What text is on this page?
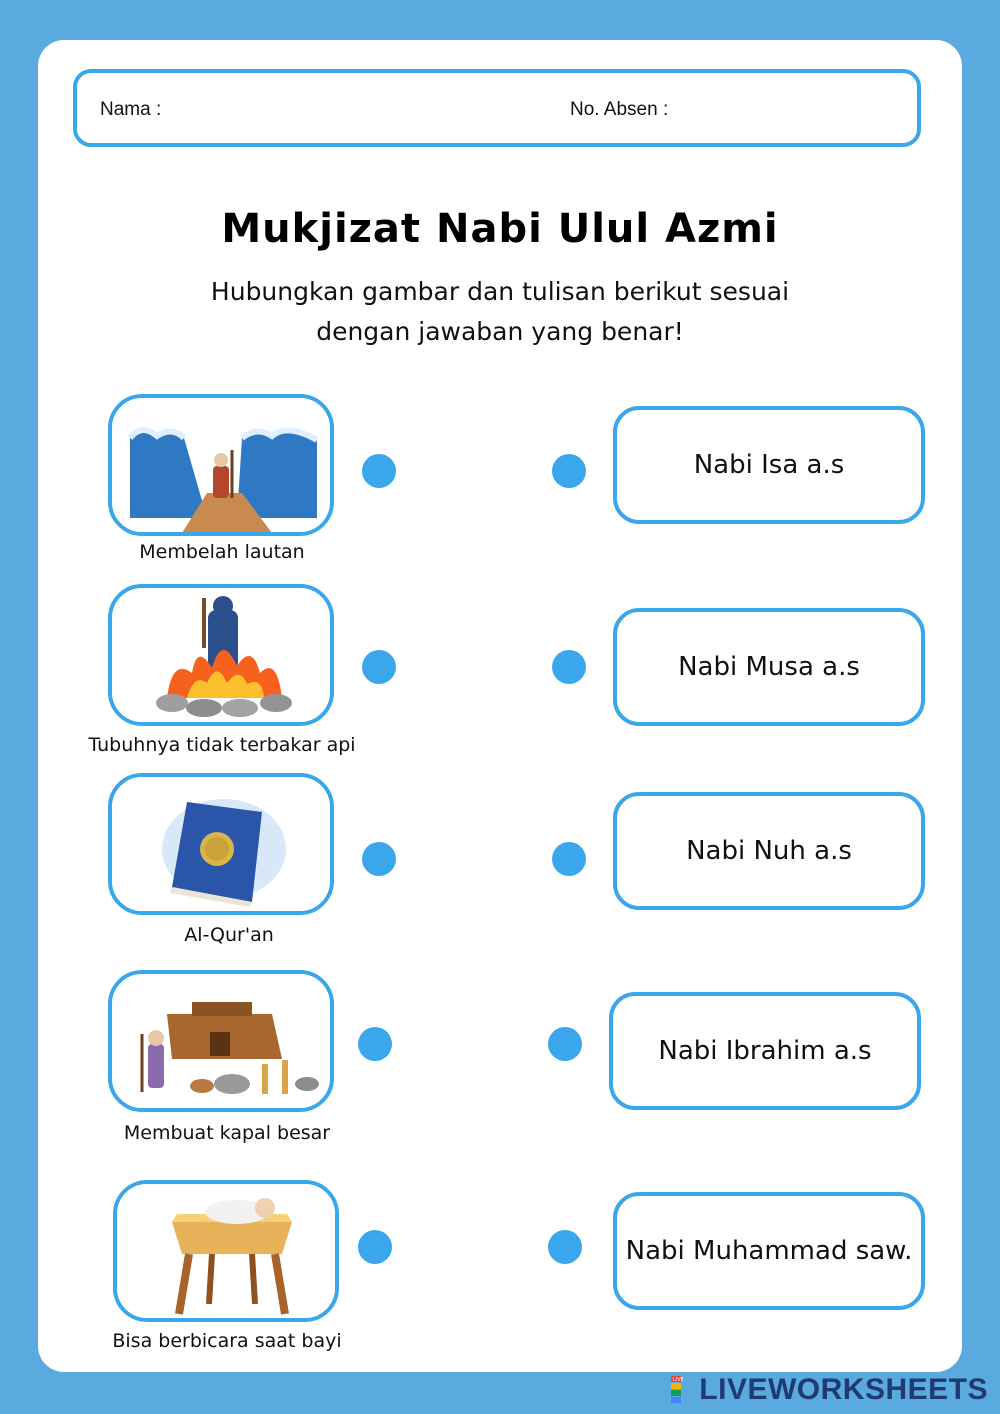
Nama :	No. Absen :
Mukjizat Nabi Ulul Azmi
Hubungkan gambar dan tulisan berikut sesuai
dengan jawaban yang benar!
Membelah lautan
Nabi Isa a.s
Tubuhnya tidak terbakar api
Nabi Musa a.s
Al-Qur'an
Nabi Nuh a.s
Membuat kapal besar
Nabi Ibrahim a.s
Bisa berbicara saat bayi
Nabi Muhammad saw.
LIVE LIVEWORKSHEETS
